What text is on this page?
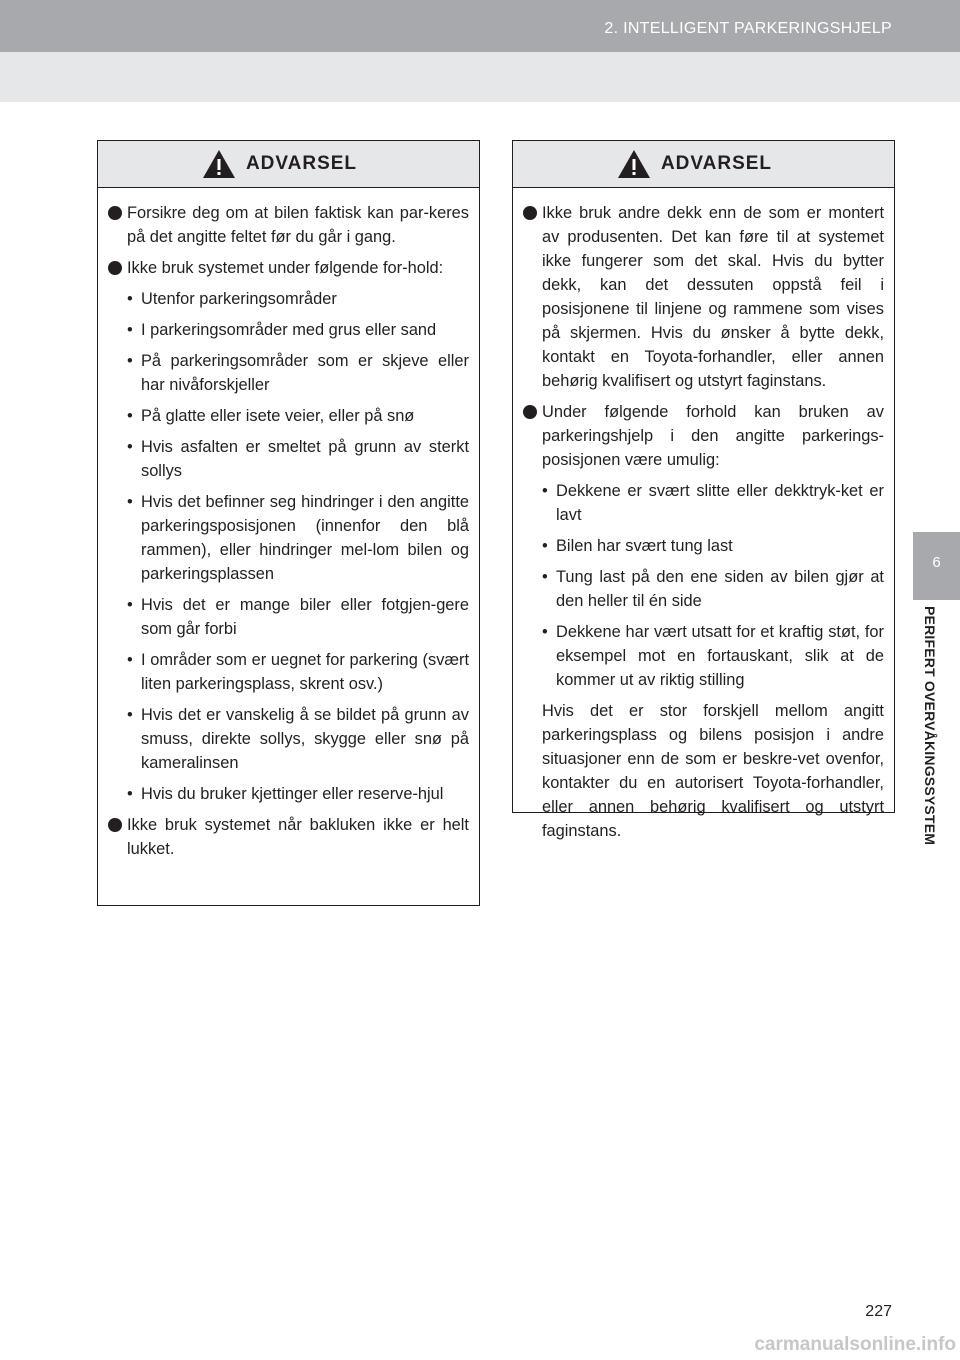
2. INTELLIGENT PARKERINGSHJELP
6
PERIFERT OVERVÅKINGSSYSTEM
ADVARSEL
Forsikre deg om at bilen faktisk kan par-keres på det angitte feltet før du går i gang.
Ikke bruk systemet under følgende for-hold:
• Utenfor parkeringsområder
• I parkeringsområder med grus eller sand
• På parkeringsområder som er skjeve eller har nivåforskjeller
• På glatte eller isete veier, eller på snø
• Hvis asfalten er smeltet på grunn av sterkt sollys
• Hvis det befinner seg hindringer i den angitte parkeringsposisjonen (innenfor den blå rammen), eller hindringer mel-lom bilen og parkeringsplassen
• Hvis det er mange biler eller fotgjen-gere som går forbi
• I områder som er uegnet for parkering (svært liten parkeringsplass, skrent osv.)
• Hvis det er vanskelig å se bildet på grunn av smuss, direkte sollys, skygge eller snø på kameralinsen
• Hvis du bruker kjettinger eller reserve-hjul
Ikke bruk systemet når bakluken ikke er helt lukket.
ADVARSEL
Ikke bruk andre dekk enn de som er montert av produsenten. Det kan føre til at systemet ikke fungerer som det skal. Hvis du bytter dekk, kan det dessuten oppstå feil i posisjonene til linjene og rammene som vises på skjermen. Hvis du ønsker å bytte dekk, kontakt en Toyota-forhandler, eller annen behørig kvalifisert og utstyrt faginstans.
Under følgende forhold kan bruken av parkeringshjelp i den angitte parkerings-posisjonen være umulig:
• Dekkene er svært slitte eller dekktryk-ket er lavt
• Bilen har svært tung last
• Tung last på den ene siden av bilen gjør at den heller til én side
• Dekkene har vært utsatt for et kraftig støt, for eksempel mot en fortauskant, slik at de kommer ut av riktig stilling
Hvis det er stor forskjell mellom angitt parkeringsplass og bilens posisjon i andre situasjoner enn de som er beskre-vet ovenfor, kontakter du en autorisert Toyota-forhandler, eller annen behørig kvalifisert og utstyrt faginstans.
227
carmanualsonline.info
